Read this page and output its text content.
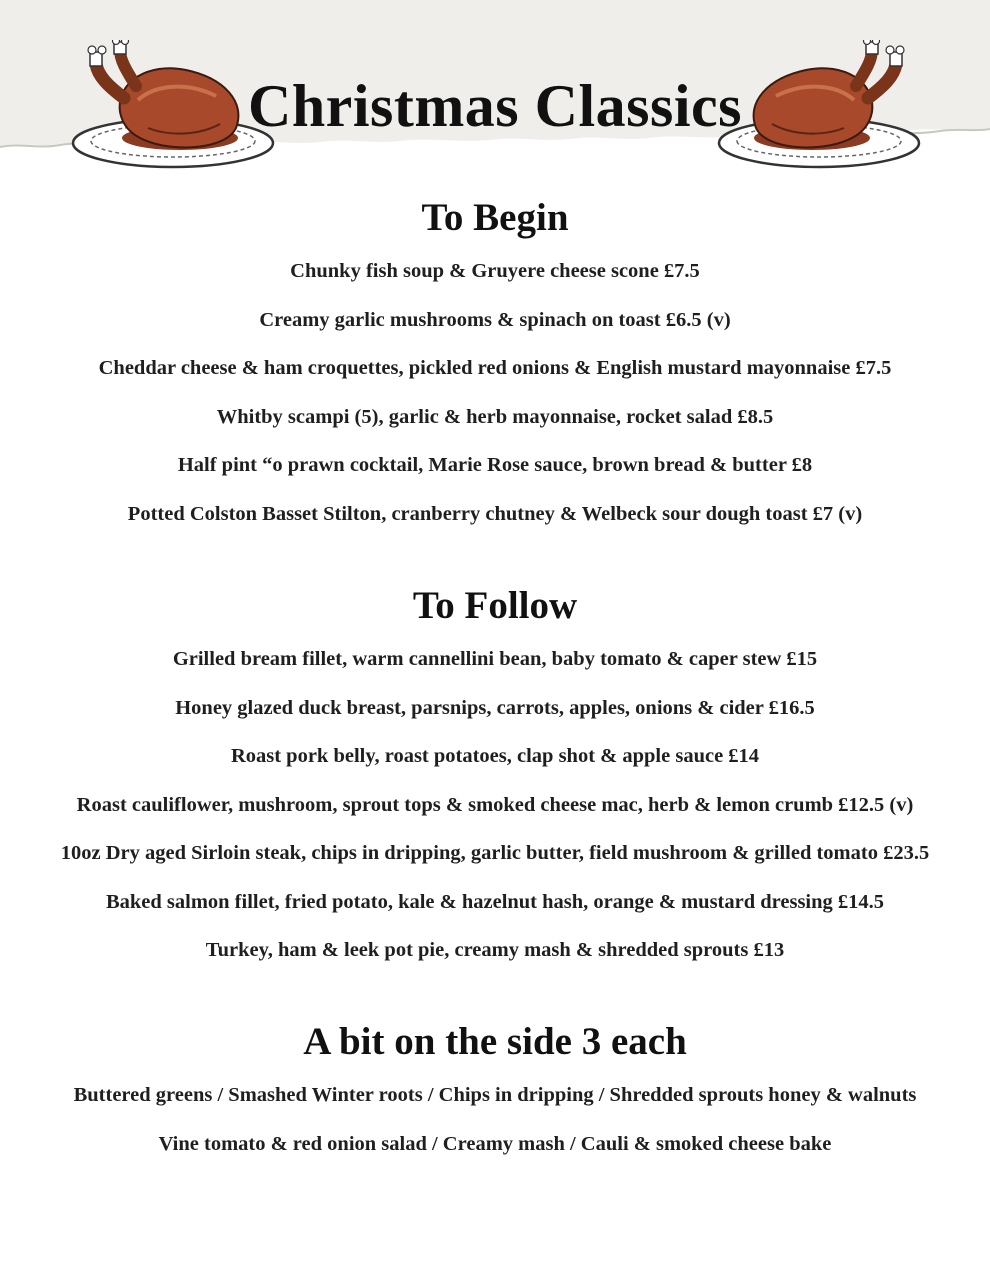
Christmas Classics
To Begin

Chunky fish soup & Gruyere cheese scone £7.5

Creamy garlic mushrooms & spinach on toast £6.5 (v)

Cheddar cheese & ham croquettes, pickled red onions & English mustard mayonnaise £7.5

Whitby scampi (5), garlic & herb mayonnaise, rocket salad £8.5

Half pint “o prawn cocktail, Marie Rose sauce, brown bread & butter £8

Potted Colston Basset Stilton, cranberry chutney & Welbeck sour dough toast £7 (v)

To Follow

Grilled bream fillet, warm cannellini bean, baby tomato & caper stew £15

Honey glazed duck breast, parsnips, carrots, apples, onions & cider £16.5

Roast pork belly, roast potatoes, clap shot & apple sauce £14

Roast cauliflower, mushroom, sprout tops & smoked cheese mac, herb & lemon crumb £12.5 (v)

10oz Dry aged Sirloin steak, chips in dripping, garlic butter, field mushroom & grilled tomato £23.5

Baked salmon fillet, fried potato, kale & hazelnut hash, orange & mustard dressing £14.5

Turkey, ham & leek pot pie, creamy mash & shredded sprouts £13

A bit on the side 3 each

Buttered greens / Smashed Winter roots / Chips in dripping / Shredded sprouts honey & walnuts

Vine tomato & red onion salad / Creamy mash / Cauli & smoked cheese bake
